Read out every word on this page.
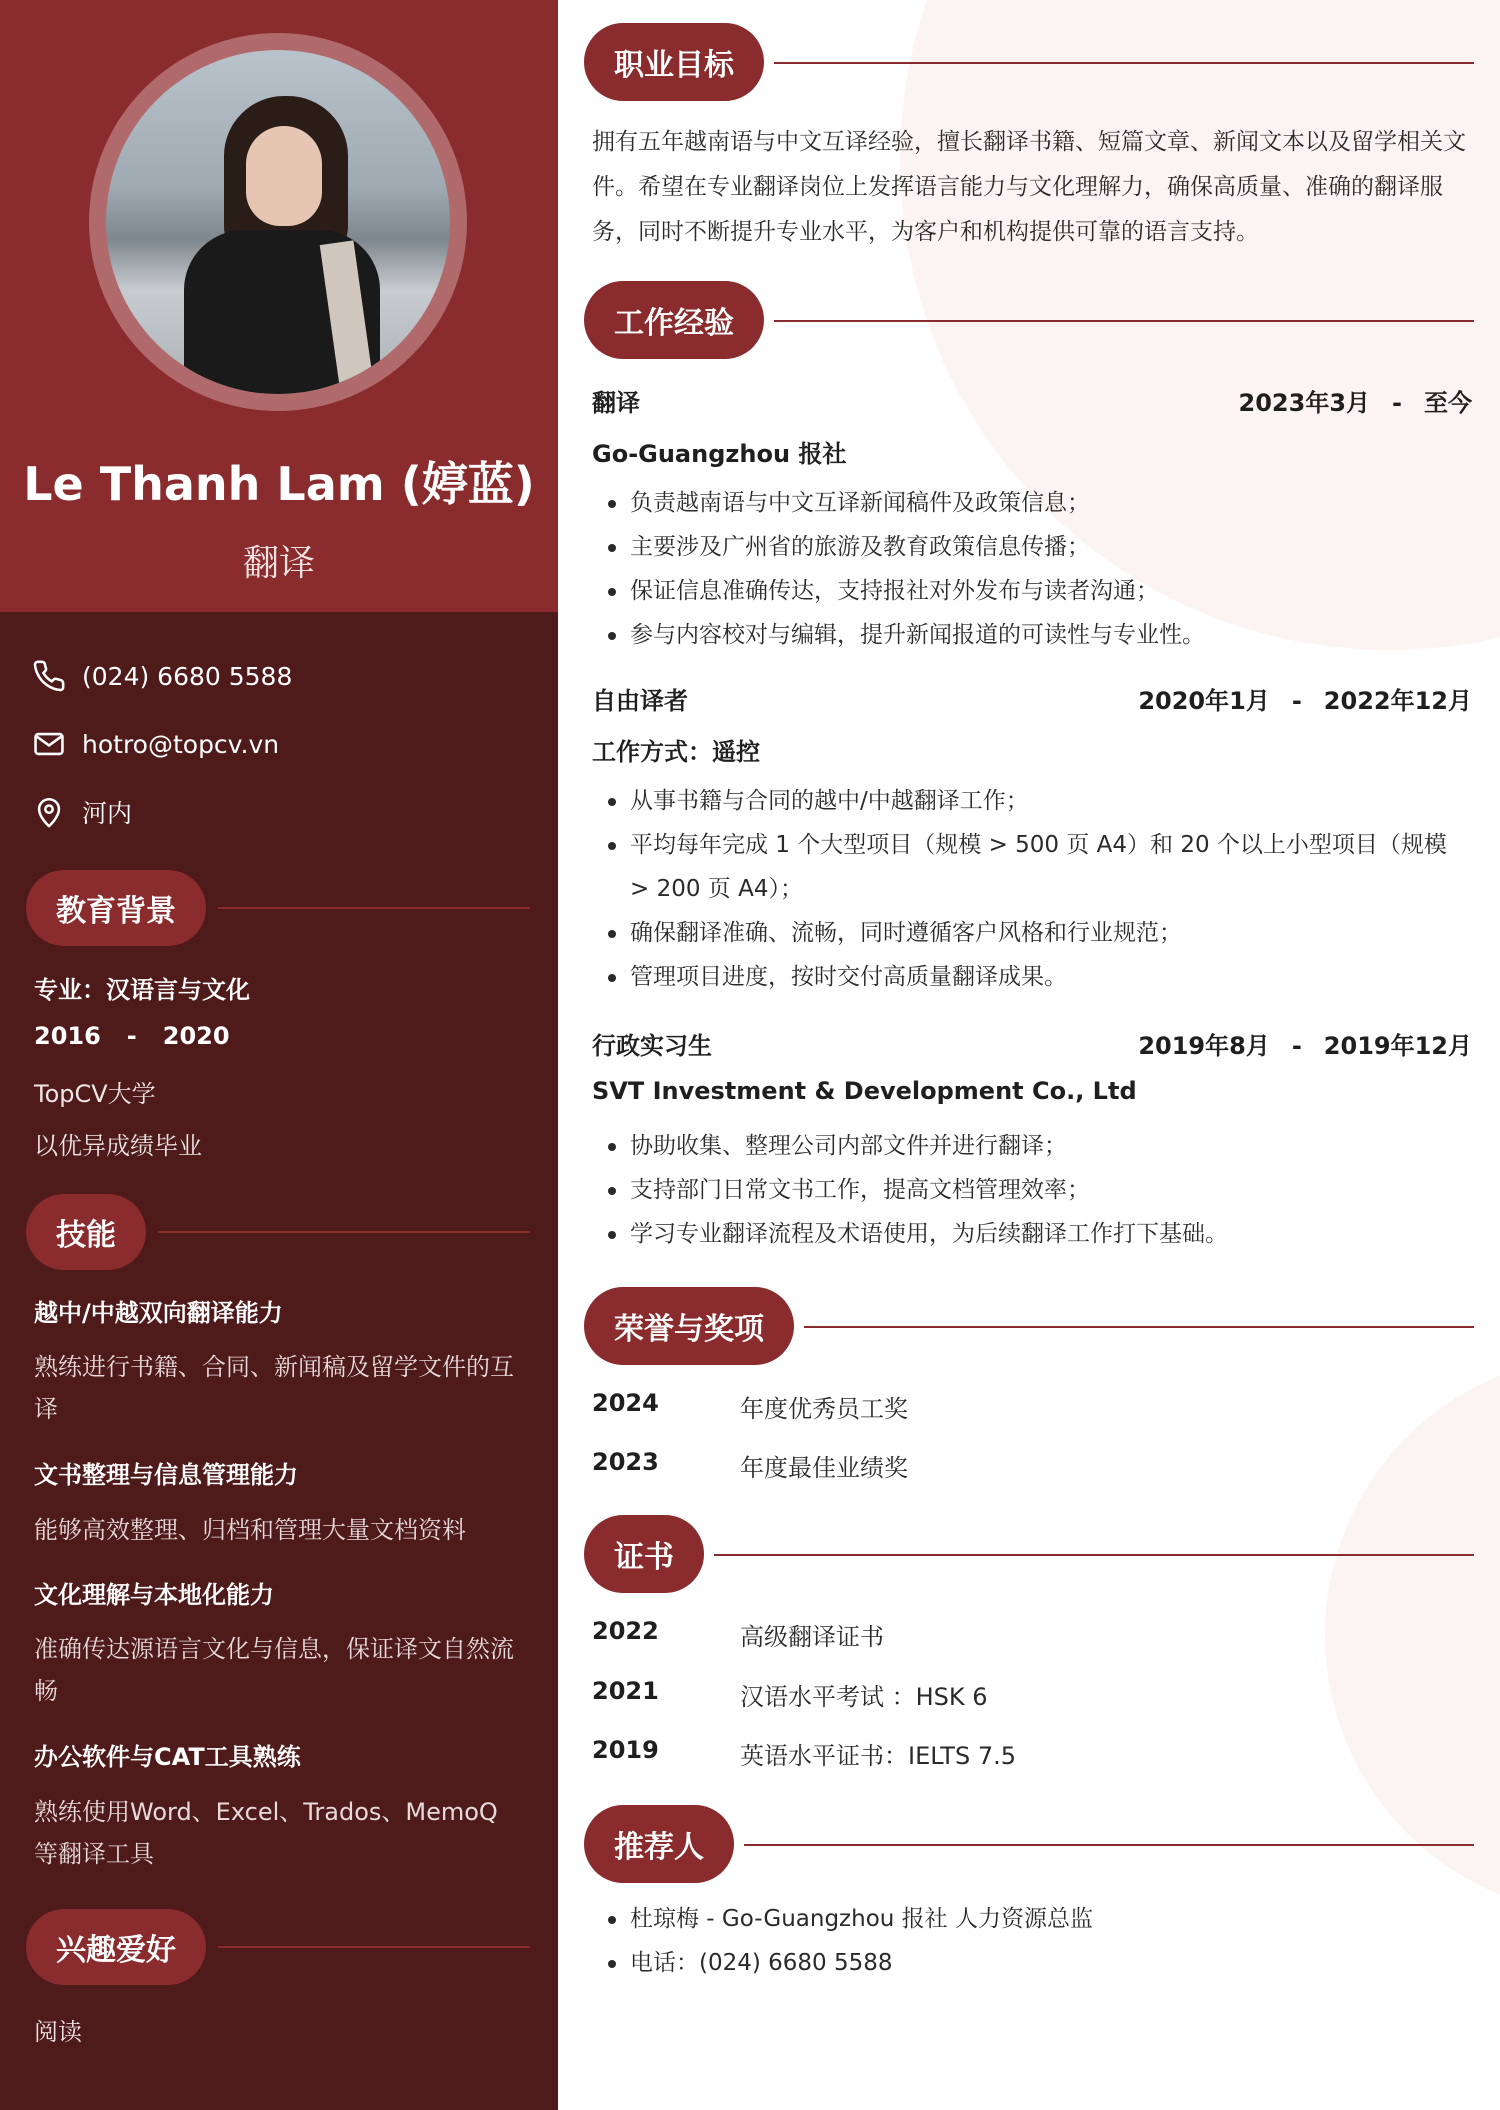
Le Thanh Lam (婷蓝)
翻译
(024) 6680 5588
hotro@topcv.vn
河内
教育背景
专业：汉语言与文化
2016 - 2020
TopCV大学
以优异成绩毕业
技能
越中/中越双向翻译能力
熟练进行书籍、合同、新闻稿及留学文件的互译
文书整理与信息管理能力
能够高效整理、归档和管理大量文档资料
文化理解与本地化能力
准确传达源语言文化与信息，保证译文自然流畅
办公软件与CAT工具熟练
熟练使用Word、Excel、Trados、MemoQ 等翻译工具
兴趣爱好
阅读
职业目标
拥有五年越南语与中文互译经验，擅长翻译书籍、短篇文章、新闻文本以及留学相关文件。希望在专业翻译岗位上发挥语言能力与文化理解力，确保高质量、准确的翻译服务，同时不断提升专业水平，为客户和机构提供可靠的语言支持。
工作经验
翻译	2023年3月 - 至今
Go-Guangzhou 报社
负责越南语与中文互译新闻稿件及政策信息；
主要涉及广州省的旅游及教育政策信息传播；
保证信息准确传达，支持报社对外发布与读者沟通；
参与内容校对与编辑，提升新闻报道的可读性与专业性。
自由译者	2020年1月 - 2022年12月
工作方式：遥控
从事书籍与合同的越中/中越翻译工作；
平均每年完成 1 个大型项目（规模 > 500 页 A4）和 20 个以上小型项目（规模 > 200 页 A4）；
确保翻译准确、流畅，同时遵循客户风格和行业规范；
管理项目进度，按时交付高质量翻译成果。
行政实习生	2019年8月 - 2019年12月
SVT Investment & Development Co., Ltd
协助收集、整理公司内部文件并进行翻译；
支持部门日常文书工作，提高文档管理效率；
学习专业翻译流程及术语使用，为后续翻译工作打下基础。
荣誉与奖项
2024	年度优秀员工奖
2023	年度最佳业绩奖
证书
2022	高级翻译证书
2021	汉语水平考试 ：HSK 6
2019	英语水平证书：IELTS 7.5
推荐人
杜琼梅 - Go-Guangzhou 报社 人力资源总监
电话：(024) 6680 5588
